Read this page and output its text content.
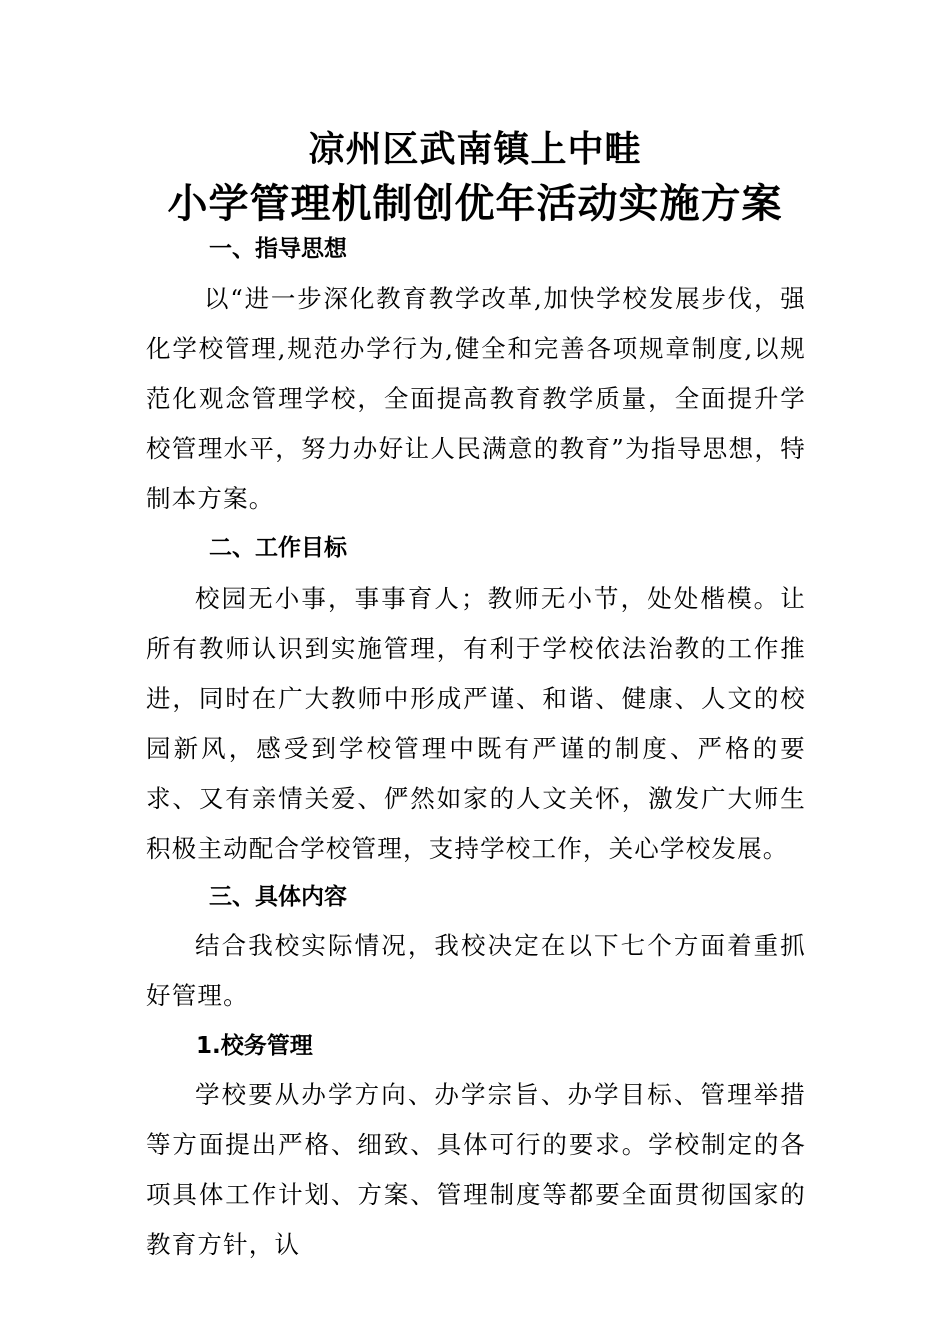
凉州区武南镇上中畦
小学管理机制创优年活动实施方案
一、指导思想
以“进一步深化教育教学改革,加快学校发展步伐，强化学校管理,规范办学行为,健全和完善各项规章制度,以规范化观念管理学校，全面提高教育教学质量，全面提升学校管理水平，努力办好让人民满意的教育”为指导思想，特制本方案。
二、工作目标
校园无小事，事事育人；教师无小节，处处楷模。让所有教师认识到实施管理，有利于学校依法治教的工作推进，同时在广大教师中形成严谨、和谐、健康、人文的校园新风，感受到学校管理中既有严谨的制度、严格的要求、又有亲情关爱、俨然如家的人文关怀，激发广大师生积极主动配合学校管理，支持学校工作，关心学校发展。
三、具体内容
结合我校实际情况，我校决定在以下七个方面着重抓好管理。
1.校务管理
学校要从办学方向、办学宗旨、办学目标、管理举措等方面提出严格、细致、具体可行的要求。学校制定的各项具体工作计划、方案、管理制度等都要全面贯彻国家的教育方针，认
